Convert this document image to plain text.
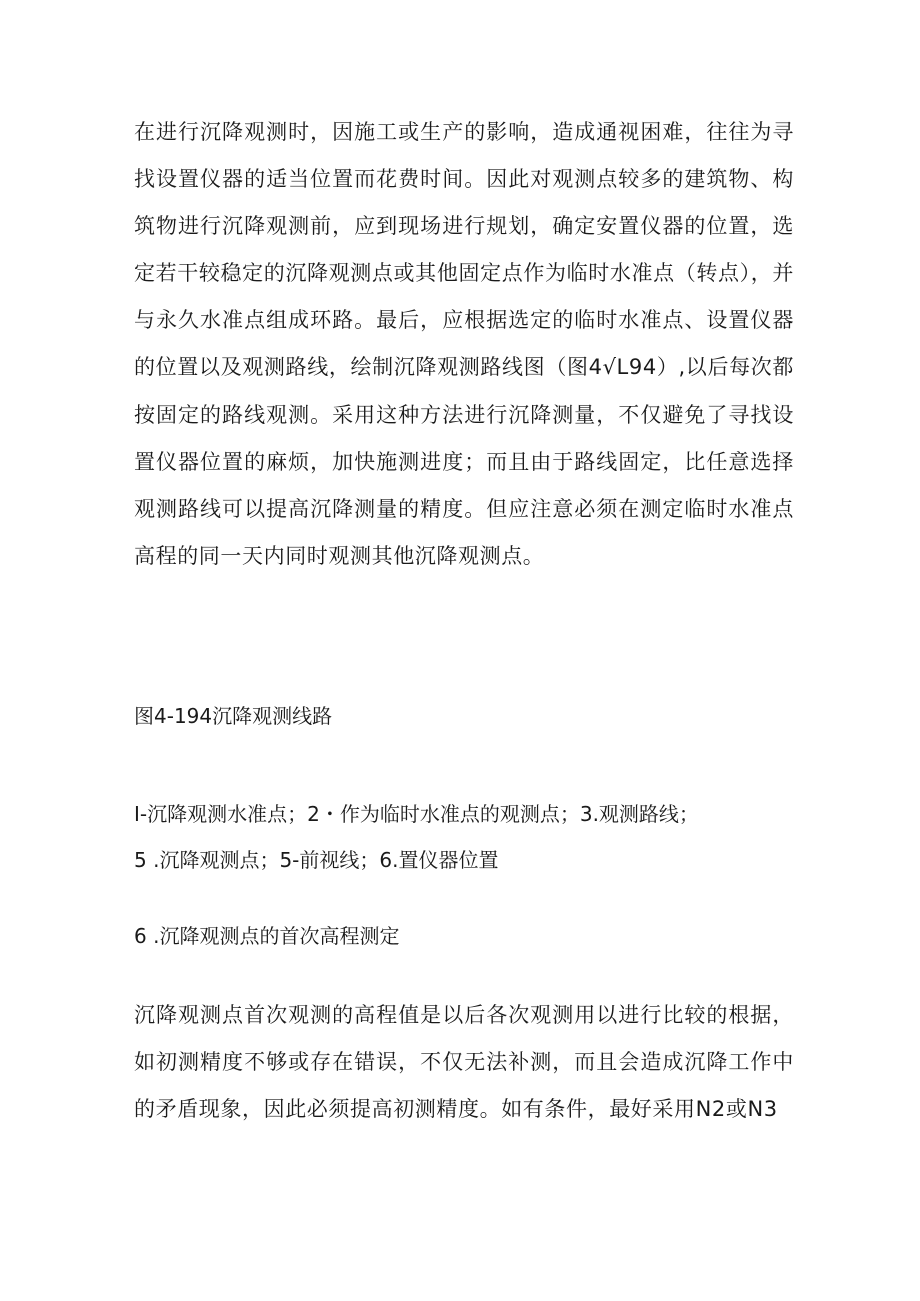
在进行沉降观测时，因施工或生产的影响，造成通视困难，往往为寻找设置仪器的适当位置而花费时间。因此对观测点较多的建筑物、构筑物进行沉降观测前，应到现场进行规划，确定安置仪器的位置，选定若干较稳定的沉降观测点或其他固定点作为临时水准点（转点），并与永久水准点组成环路。最后，应根据选定的临时水准点、设置仪器的位置以及观测路线，绘制沉降观测路线图（图4√L94）,以后每次都按固定的路线观测。采用这种方法进行沉降测量，不仅避免了寻找设置仪器位置的麻烦，加快施测进度；而且由于路线固定，比任意选择观测路线可以提高沉降测量的精度。但应注意必须在测定临时水准点高程的同一天内同时观测其他沉降观测点。

图4-194沉降观测线路

I-沉降观测水准点；2・作为临时水准点的观测点；3.观测路线；

5 .沉降观测点；5-前视线；6.置仪器位置

6 .沉降观测点的首次高程测定

沉降观测点首次观测的高程值是以后各次观测用以进行比较的根据，如初测精度不够或存在错误，不仅无法补测，而且会造成沉降工作中的矛盾现象，因此必须提高初测精度。如有条件，最好采用N2或N3
